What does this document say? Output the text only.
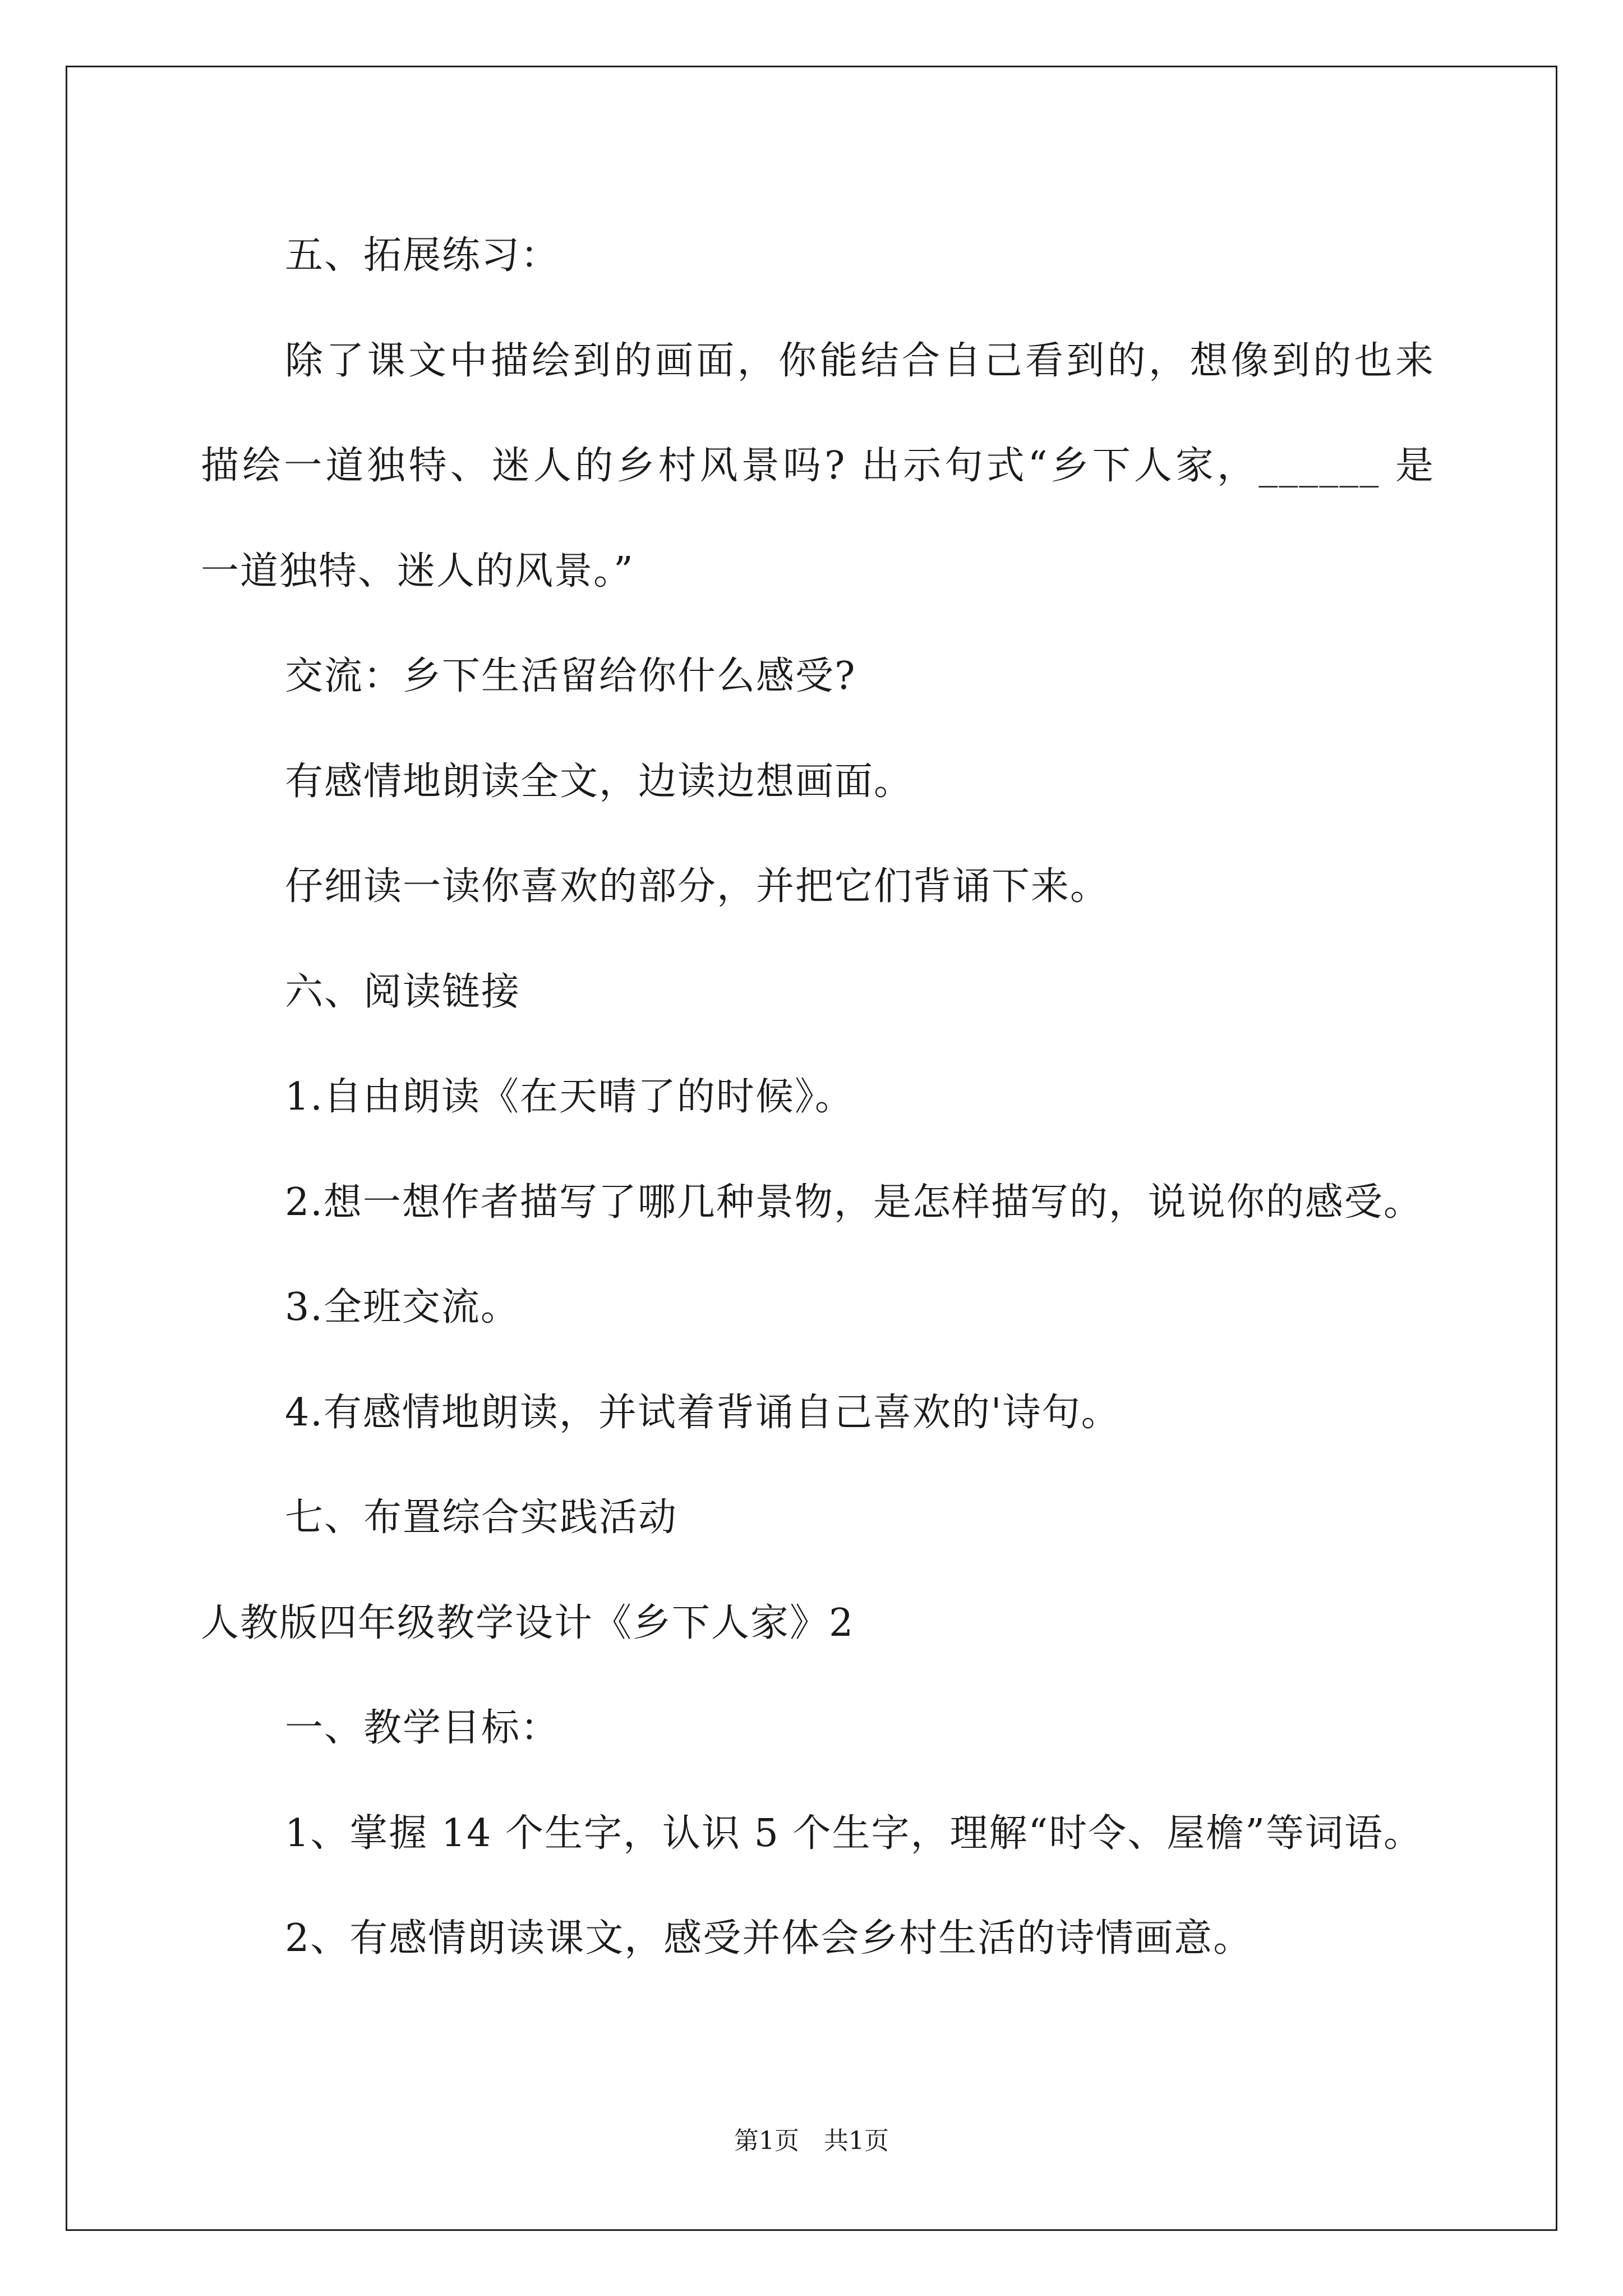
五、拓展练习：
除了课文中描绘到的画面，你能结合自己看到的，想像到的也来
描绘一道独特、迷人的乡村风景吗? 出示句式“乡下人家，______ 是
一道独特、迷人的风景。”
交流：乡下生活留给你什么感受?
有感情地朗读全文，边读边想画面。
仔细读一读你喜欢的部分，并把它们背诵下来。
六、阅读链接
1.自由朗读《在天晴了的时候》。
2.想一想作者描写了哪几种景物，是怎样描写的，说说你的感受。
3.全班交流。
4.有感情地朗读，并试着背诵自己喜欢的'诗句。
七、布置综合实践活动
人教版四年级教学设计《乡下人家》2
一、教学目标：
1、掌握 14 个生字，认识 5 个生字，理解“时令、屋檐”等词语。
2、有感情朗读课文，感受并体会乡村生活的诗情画意。
第1页　共1页
